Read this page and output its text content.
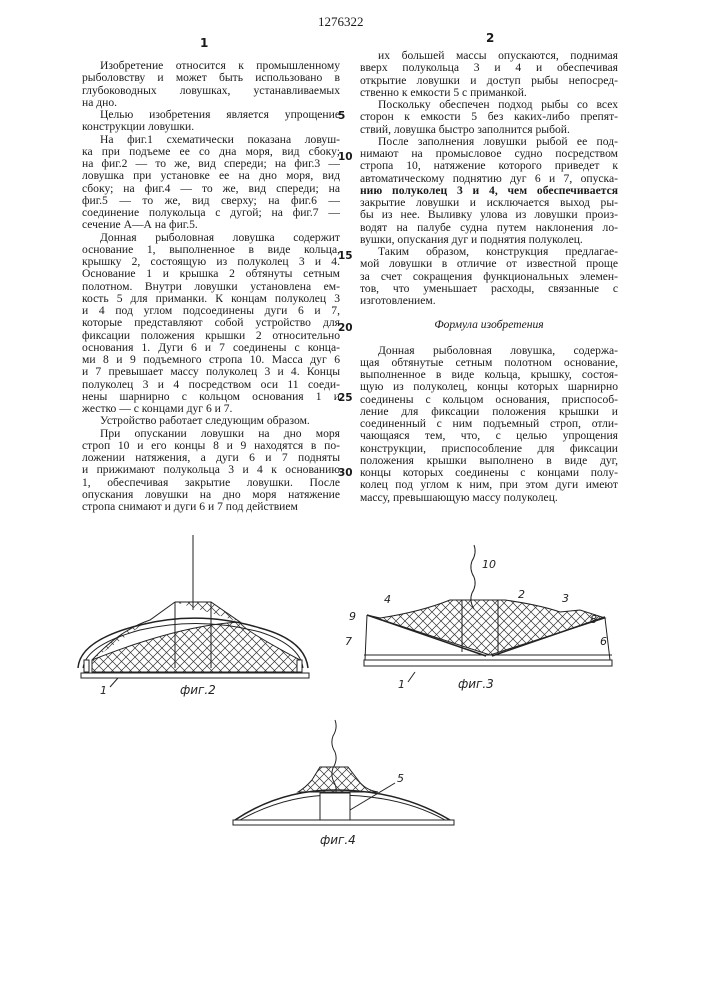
1276322
1	2
Изобретение относится к промышленному
рыболовству и может быть использовано в
глубоководных ловушках, устанавливаемых
на дно.
Целью изобретения является упрощение
конструкции ловушки.
На фиг.1 схематически показана ловуш-
ка при подъеме ее со дна моря, вид сбоку;
на фиг.2 — то же, вид спереди; на фиг.3 —
ловушка при установке ее на дно моря, вид
сбоку; на фиг.4 — то же, вид спереди; на
фиг.5 — то же, вид сверху; на фиг.6 —
соединение полукольца с дугой; на фиг.7 —
сечение А—А на фиг.5.
Донная рыболовная ловушка содержит
основание 1, выполненное в виде кольца,
крышку 2, состоящую из полуколец 3 и 4.
Основание 1 и крышка 2 обтянуты сетным
полотном. Внутри ловушки установлена ем-
кость 5 для приманки. К концам полуколец 3
и 4 под углом подсоединены дуги 6 и 7,
которые представляют собой устройство для
фиксации положения крышки 2 относительно
основания 1. Дуги 6 и 7 соединены с конца-
ми 8 и 9 подъемного стропа 10. Масса дуг 6
и 7 превышает массу полуколец 3 и 4. Концы
полуколец 3 и 4 посредством оси 11 соеди-
нены шарнирно с кольцом основания 1 и
жестко — с концами дуг 6 и 7.
Устройство работает следующим образом.
При опускании ловушки на дно моря
строп 10 и его концы 8 и 9 находятся в по-
ложении натяжения, а дуги 6 и 7 подняты
и прижимают полукольца 3 и 4 к основанию
1, обеспечивая закрытие ловушки. После
опускания ловушки на дно моря натяжение
стропа снимают и дуги 6 и 7 под действием
их большей массы опускаются, поднимая
вверх полукольца 3 и 4 и обеспечивая
открытие ловушки и доступ рыбы непосред-
ственно к емкости 5 с приманкой.
Поскольку обеспечен подход рыбы со всех
сторон к емкости 5 без каких-либо препят-
ствий, ловушка быстро заполнится рыбой.
После заполнения ловушки рыбой ее под-
нимают на промысловое судно посредством
стропа 10, натяжение которого приведет к
автоматическому поднятию дуг 6 и 7, опуска-
нию полуколец 3 и 4, чем обеспечивается
закрытие ловушки и исключается выход ры-
бы из нее. Выливку улова из ловушки произ-
водят на палубе судна путем наклонения ло-
вушки, опускания дуг и поднятия полуколец.
Таким образом, конструкция предлагае-
мой ловушки в отличие от известной проще
за счет сокращения функциональных элемен-
тов, что уменьшает расходы, связанные с
изготовлением.
Формула изобретения
Донная рыболовная ловушка, содержа-
щая обтянутые сетным полотном основание,
выполненное в виде кольца, крышку, состоя-
щую из полуколец, концы которых шарнирно
соединены с кольцом основания, приспособ-
ление для фиксации положения крышки и
соединенный с ним подъемный строп, отли-
чающаяся тем, что, с целью упрощения
конструкции, приспособление для фиксации
положения крышки выполнено в виде дуг,
концы которых соединены с концами полу-
колец под углом к ним, при этом дуги имеют
массу, превышающую массу полуколец.
5
10
15
20
25
30
1	фиг.2
10
4	2	3
9	8
7	6
1	фиг.3
5
фиг.4
